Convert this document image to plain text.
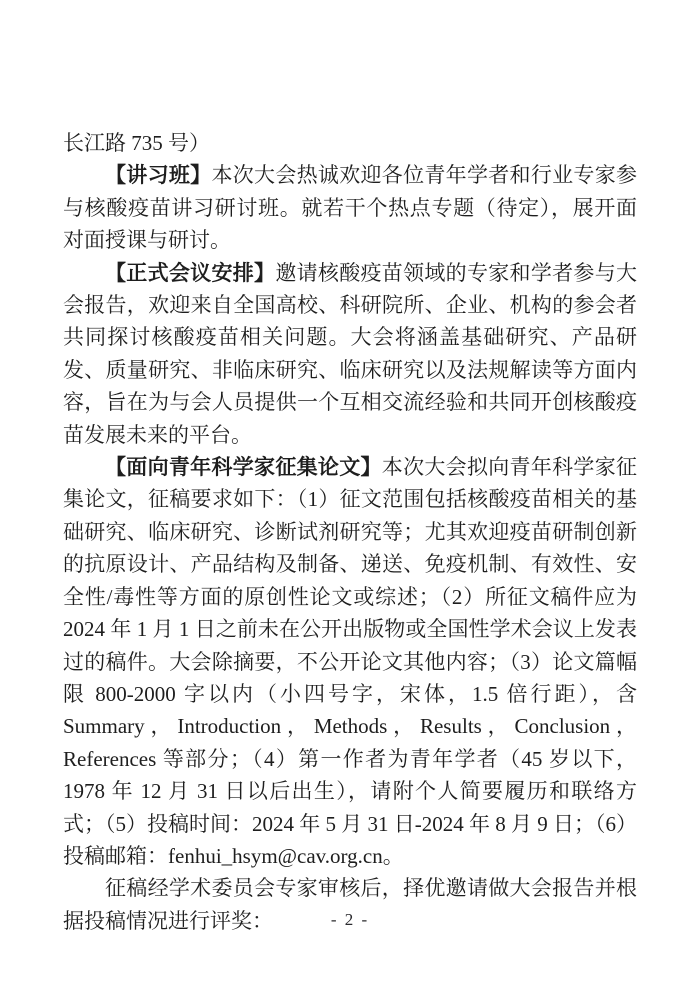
长江路 735 号）

【讲习班】本次大会热诚欢迎各位青年学者和行业专家参与核酸疫苗讲习研讨班。就若干个热点专题（待定），展开面对面授课与研讨。

【正式会议安排】邀请核酸疫苗领域的专家和学者参与大会报告，欢迎来自全国高校、科研院所、企业、机构的参会者共同探讨核酸疫苗相关问题。大会将涵盖基础研究、产品研发、质量研究、非临床研究、临床研究以及法规解读等方面内容，旨在为与会人员提供一个互相交流经验和共同开创核酸疫苗发展未来的平台。

【面向青年科学家征集论文】本次大会拟向青年科学家征集论文，征稿要求如下：（1）征文范围包括核酸疫苗相关的基础研究、临床研究、诊断试剂研究等；尤其欢迎疫苗研制创新的抗原设计、产品结构及制备、递送、免疫机制、有效性、安全性/毒性等方面的原创性论文或综述；（2）所征文稿件应为 2024 年 1 月 1 日之前未在公开出版物或全国性学术会议上发表过的稿件。大会除摘要，不公开论文其他内容；（3）论文篇幅限 800-2000 字以内（小四号字，宋体，1.5 倍行距），含 Summary，Introduction，Methods，Results，Conclusion，References 等部分；（4）第一作者为青年学者（45 岁以下，1978 年 12 月 31 日以后出生），请附个人简要履历和联络方式；（5）投稿时间：2024 年 5 月 31 日-2024 年 8 月 9 日；（6）投稿邮箱：fenhui_hsym@cav.org.cn。

征稿经学术委员会专家审核后，择优邀请做大会报告并根据投稿情况进行评奖：	- 2 -
